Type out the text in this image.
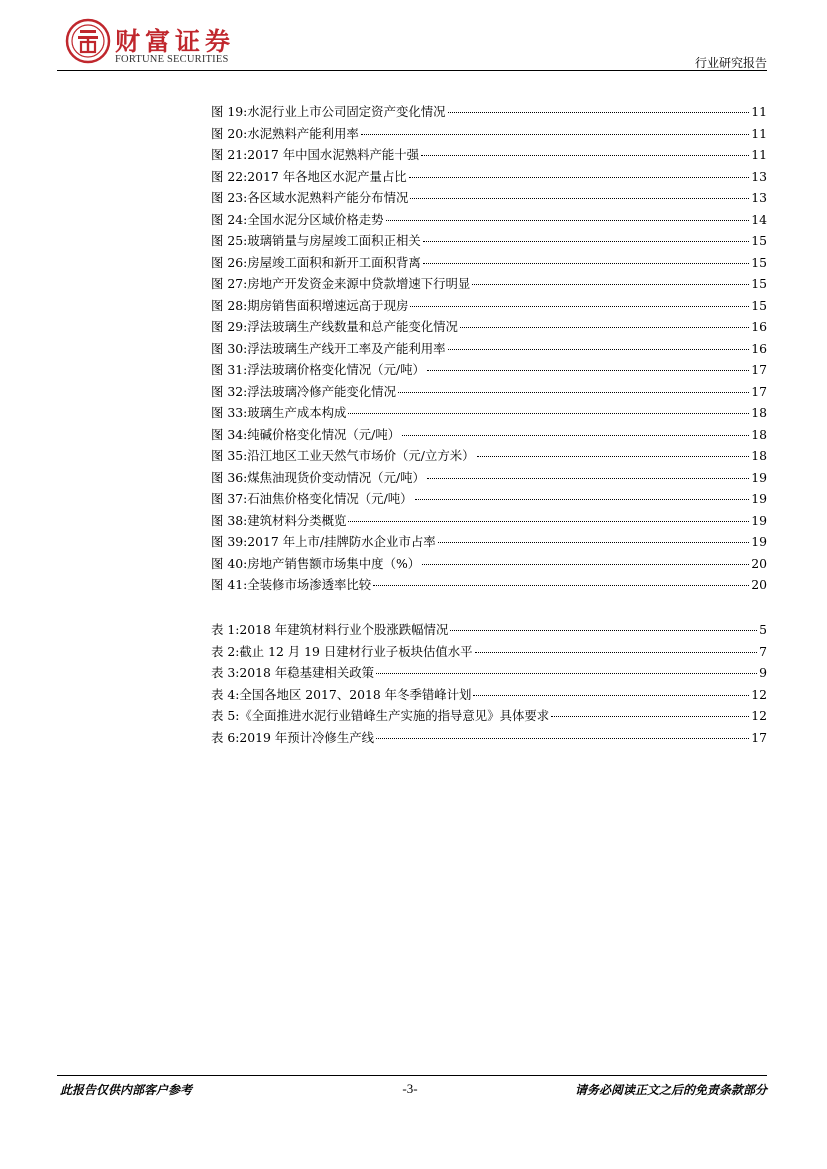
财富证券
FORTUNE SECURITIES	行业研究报告
图 19: 水泥行业上市公司固定资产变化情况	11
图 20: 水泥熟料产能利用率	11
图 21: 2017 年中国水泥熟料产能十强	11
图 22: 2017 年各地区水泥产量占比	13
图 23: 各区域水泥熟料产能分布情况	13
图 24: 全国水泥分区域价格走势	14
图 25: 玻璃销量与房屋竣工面积正相关	15
图 26: 房屋竣工面积和新开工面积背离	15
图 27: 房地产开发资金来源中贷款增速下行明显	15
图 28: 期房销售面积增速远高于现房	15
图 29: 浮法玻璃生产线数量和总产能变化情况	16
图 30: 浮法玻璃生产线开工率及产能利用率	16
图 31: 浮法玻璃价格变化情况（元/吨）	17
图 32: 浮法玻璃冷修产能变化情况	17
图 33: 玻璃生产成本构成	18
图 34: 纯碱价格变化情况（元/吨）	18
图 35: 沿江地区工业天然气市场价（元/立方米）	18
图 36: 煤焦油现货价变动情况（元/吨）	19
图 37: 石油焦价格变化情况（元/吨）	19
图 38: 建筑材料分类概览	19
图 39: 2017 年上市/挂牌防水企业市占率	19
图 40: 房地产销售额市场集中度（%）	20
图 41: 全装修市场渗透率比较	20
表 1: 2018 年建筑材料行业个股涨跌幅情况	5
表 2: 截止 12 月 19 日建材行业子板块估值水平	7
表 3: 2018 年稳基建相关政策	9
表 4: 全国各地区 2017、2018 年冬季错峰计划	12
表 5: 《全面推进水泥行业错峰生产实施的指导意见》具体要求	12
表 6: 2019 年预计冷修生产线	17
此报告仅供内部客户参考	-3-	请务必阅读正文之后的免责条款部分
